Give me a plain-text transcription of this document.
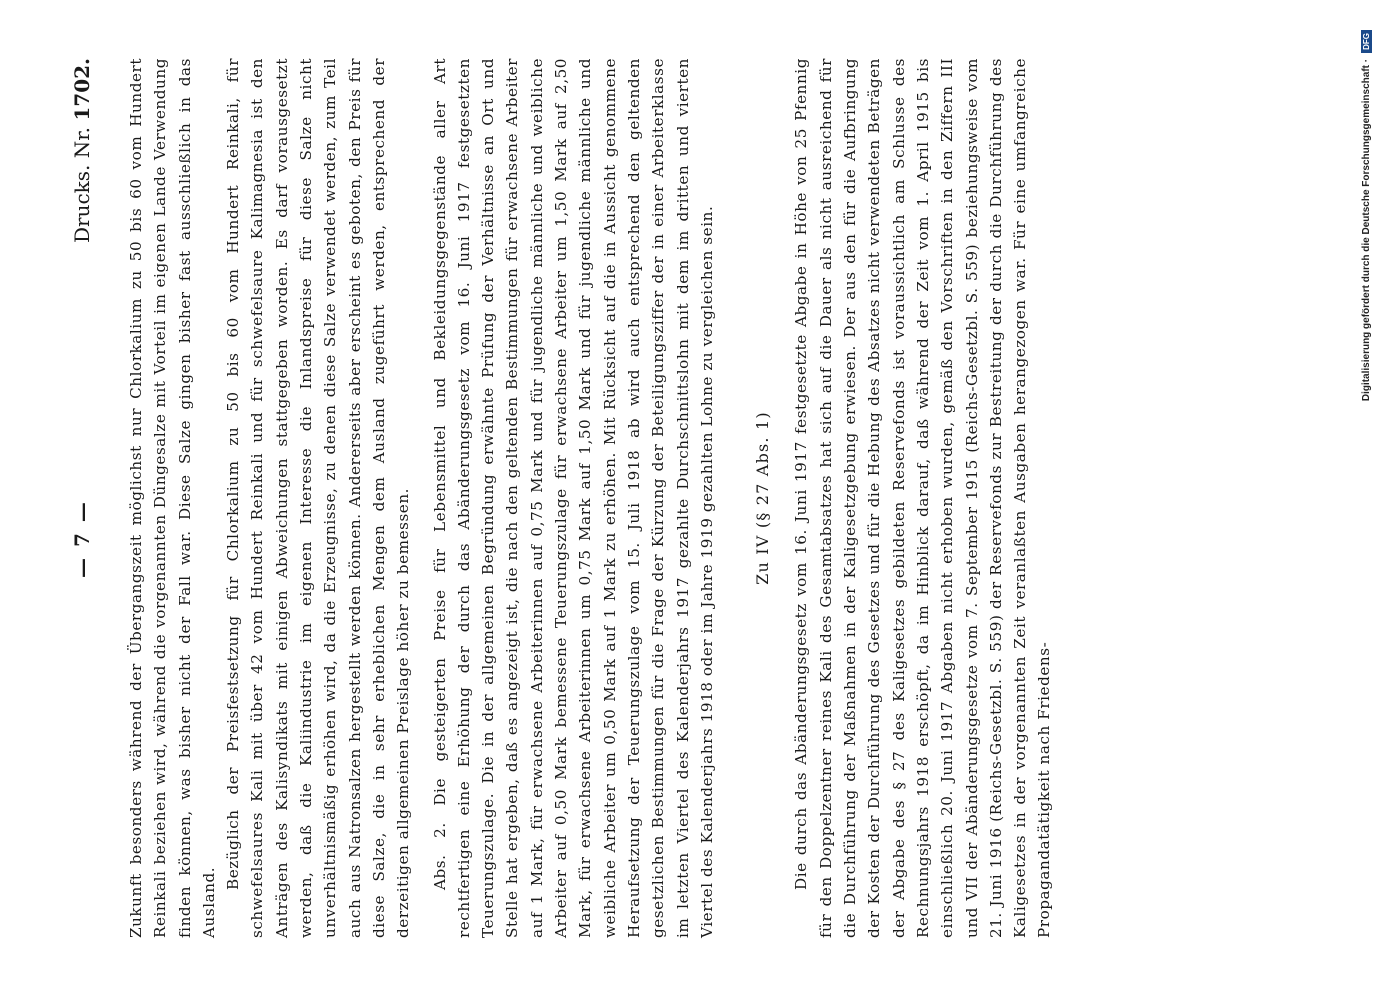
— 7 —
Drucks. Nr. 1702. Zukunft besonders während der Übergangszeit möglichst nur Chlorkalium zu 50 bis 60 vom Hundert Reinkali beziehen wird, während die vorgenannten Düngesalze mit Vorteil im eigenen Lande Verwendung finden können, was bisher nicht der Fall war. Diese Salze gingen bisher fast ausschließlich in das Ausland.

Bezüglich der Preisfestsetzung für Chlorkalium zu 50 bis 60 vom Hundert Reinkali, für schwefelsaures Kali mit über 42 vom Hundert Reinkali und für schwefelsaure Kalimagnesia ist den Anträgen des Kalisyndikats mit einigen Abweichungen stattgegeben worden. Es darf vorausgesetzt werden, daß die Kaliindustrie im eigenen Interesse die Inlandspreise für diese Salze nicht unverhältnismäßig erhöhen wird, da die Erzeugnisse, zu denen diese Salze verwendet werden, zum Teil auch aus Natronsalzen hergestellt werden können. Andererseits aber erscheint es geboten, den Preis für diese Salze, die in sehr erheblichen Mengen dem Ausland zugeführt werden, entsprechend der derzeitigen allgemeinen Preislage höher zu bemessen. Abs. 2. Die gesteigerten Preise für Lebensmittel und Bekleidungsgegenstände aller Art rechtfertigen eine Erhöhung der durch das Abänderungsgesetz vom 16. Juni 1917 festgesetzten Teuerungszulage. Die in der allgemeinen Begründung erwähnte Prüfung der Verhältnisse an Ort und Stelle hat ergeben, daß es angezeigt ist, die nach den geltenden Bestimmungen für erwachsene Arbeiter auf 1 Mark, für erwachsene Arbeiterinnen auf 0,75 Mark und für jugendliche männliche und weibliche Arbeiter auf 0,50 Mark bemessene Teuerungszulage für erwachsene Arbeiter um 1,50 Mark auf 2,50 Mark, für erwachsene Arbeiterinnen um 0,75 Mark auf 1,50 Mark und für jugendliche männliche und weibliche Arbeiter um 0,50 Mark auf 1 Mark zu erhöhen. Mit Rücksicht auf die in Aussicht genommene Heraufsetzung der Teuerungszulage vom 15. Juli 1918 ab wird auch entsprechend den geltenden gesetzlichen Bestimmungen für die Frage der Kürzung der Beteiligungsziffer der in einer Arbeiterklasse im letzten Viertel des Kalenderjahrs 1917 gezahlte Durchschnittslohn mit dem im dritten und vierten Viertel des Kalenderjahrs 1918 oder im Jahre 1919 gezahlten Lohne zu vergleichen sein. Zu IV (§ 27 Abs. 1) Die durch das Abänderungsgesetz vom 16. Juni 1917 festgesetzte Abgabe in Höhe von 25 Pfennig für den Doppelzentner reines Kali des Gesamtabsatzes hat sich auf die Dauer als nicht ausreichend für die Durchführung der Maßnahmen in der Kaligesetzgebung erwiesen. Der aus den für die Aufbringung der Kosten der Durchführung des Gesetzes und für die Hebung des Absatzes nicht verwendeten Beträgen der Abgabe des § 27 des Kaligesetzes gebildeten Reservefonds ist voraussichtlich am Schlusse des Rechnungsjahrs 1918 erschöpft, da im Hinblick darauf, daß während der Zeit vom 1. April 1915 bis einschließlich 20. Juni 1917 Abgaben nicht erhoben wurden, gemäß den Vorschriften in den Ziffern III und VII der Abänderungsgesetze vom 7. September 1915 (Reichs-Gesetzbl. S. 559) beziehungsweise vom 21. Juni 1916 (Reichs-Gesetzbl. S. 559) der Reservefonds zur Bestreitung der durch die Durchführung des Kaligesetzes in der vorgenannten Zeit veranlaßten Ausgaben herangezogen war. Für eine umfangreiche Propagandatätigkeit nach Friedens-

Digitalisierung gefördert durch die Deutsche Forschungsgemeinschaft ·
DFG
